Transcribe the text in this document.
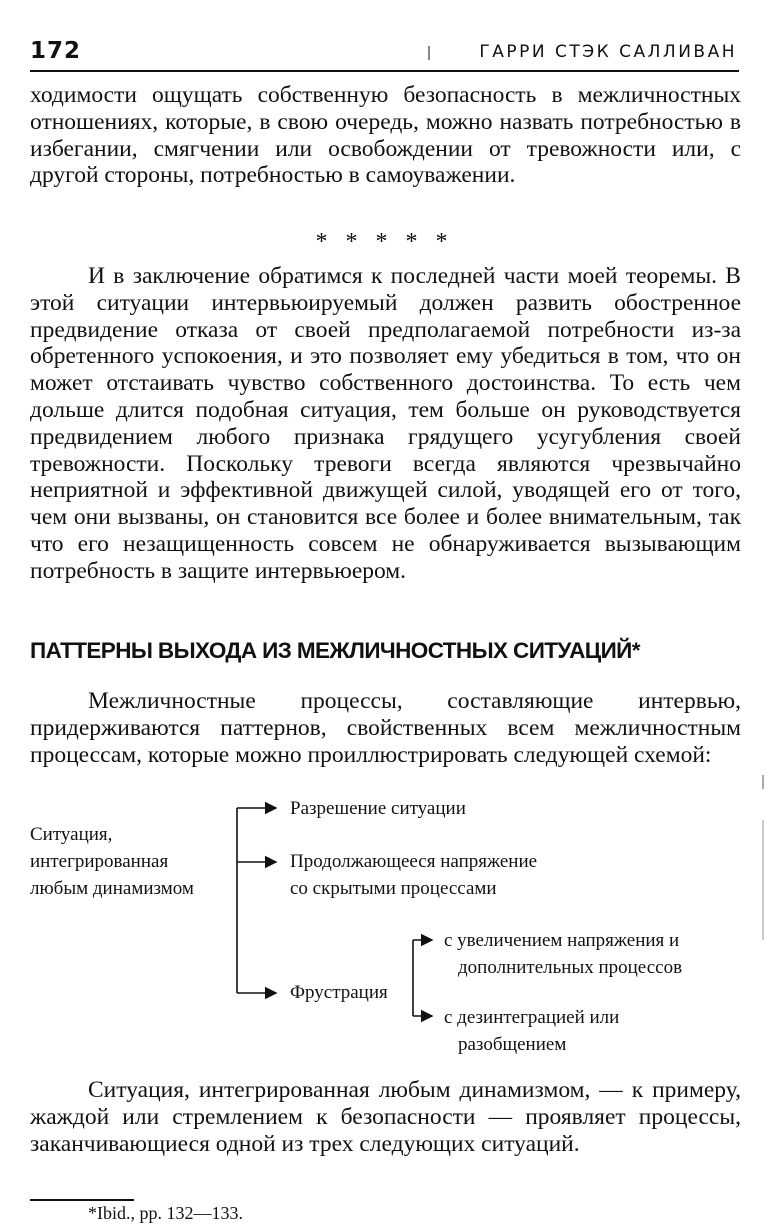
172	ГАРРИ СТЭК САЛЛИВАН

ходимости ощущать собственную безопасность в межличностных отношениях, которые, в свою очередь, можно назвать потребностью в избегании, смягчении или освобождении от тревожности или, с другой стороны, потребностью в самоуважении.

* * * * *

И в заключение обратимся к последней части моей теоремы. В этой ситуации интервьюируемый должен развить обостренное предвидение отказа от своей предполагаемой потребности из-за обретенного успокоения, и это позволяет ему убедиться в том, что он может отстаивать чувство собственного достоинства. То есть чем дольше длится подобная ситуация, тем больше он руководствуется предвидением любого признака грядущего усугубления своей тревожности. Поскольку тревоги всегда являются чрезвычайно неприятной и эффективной движущей силой, уводящей его от того, чем они вызваны, он становится все более и более внимательным, так что его незащищенность совсем не обнаруживается вызывающим потребность в защите интервьюером.

ПАТТЕРНЫ ВЫХОДА ИЗ МЕЖЛИЧНОСТНЫХ СИТУАЦИЙ*

Межличностные процессы, составляющие интервью, придерживаются паттернов, свойственных всем межличностным процессам, которые можно проиллюстрировать следующей схемой:

Ситуация,
интегрированная
любым динамизмом
Разрешение ситуации
Продолжающееся напряжение
со скрытыми процессами
Фрустрация
с увеличением напряжения и
дополнительных процессов
с дезинтеграцией или
разобщением

Ситуация, интегрированная любым динамизмом, — к примеру, жаждой или стремлением к безопасности — проявляет процессы, заканчивающиеся одной из трех следующих ситуаций.

*Ibid., pp. 132—133.
